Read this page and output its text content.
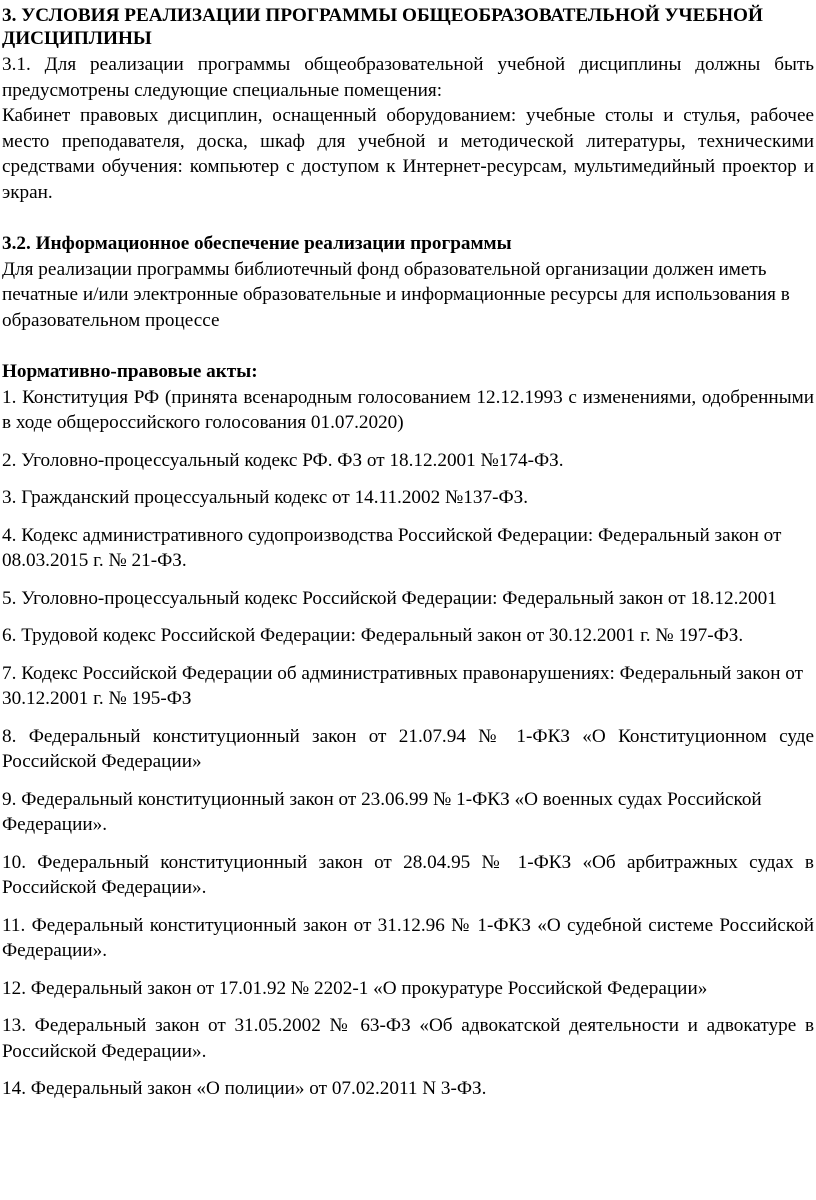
3. УСЛОВИЯ РЕАЛИЗАЦИИ ПРОГРАММЫ ОБЩЕОБРАЗОВАТЕЛЬНОЙ УЧЕБНОЙ ДИСЦИПЛИНЫ

3.1. Для реализации программы общеобразовательной учебной дисциплины должны быть предусмотрены следующие специальные помещения:

Кабинет правовых дисциплин, оснащенный оборудованием: учебные столы и стулья, рабочее место преподавателя, доска, шкаф для учебной и методической литературы, техническими средствами обучения: компьютер с доступом к Интернет-ресурсам, мультимедийный проектор и экран.

3.2. Информационное обеспечение реализации программы

Для реализации программы библиотечный фонд образовательной организации должен иметь печатные и/или электронные образовательные и информационные ресурсы для использования в образовательном процессе

Нормативно-правовые акты:

1. Конституция РФ (принята всенародным голосованием 12.12.1993 с изменениями, одобренными в ходе общероссийского голосования 01.07.2020)
2. Уголовно-процессуальный кодекс РФ. ФЗ от 18.12.2001 №174-ФЗ.
3. Гражданский процессуальный кодекс от 14.11.2002 №137-ФЗ.
4. Кодекс административного судопроизводства Российской Федерации: Федеральный закон от 08.03.2015 г. № 21-ФЗ.
5. Уголовно-процессуальный кодекс Российской Федерации: Федеральный закон от 18.12.2001
6. Трудовой кодекс Российской Федерации: Федеральный закон от 30.12.2001 г. № 197-ФЗ.
7. Кодекс Российской Федерации об административных правонарушениях: Федеральный закон от 30.12.2001 г. № 195-ФЗ
8. Федеральный конституционный закон от 21.07.94 № 1-ФКЗ «О Конституционном суде Российской Федерации»
9. Федеральный конституционный закон от 23.06.99 № 1-ФКЗ «О военных судах Российской Федерации».
10. Федеральный конституционный закон от 28.04.95 № 1-ФКЗ «Об арбитражных судах в Российской Федерации».
11. Федеральный конституционный закон от 31.12.96 № 1-ФКЗ «О судебной системе Российской Федерации».
12. Федеральный закон от 17.01.92 № 2202-1 «О прокуратуре Российской Федерации»
13. Федеральный закон от 31.05.2002 № 63-ФЗ «Об адвокатской деятельности и адвокатуре в Российской Федерации».
14. Федеральный закон «О полиции» от 07.02.2011 N 3-ФЗ.
